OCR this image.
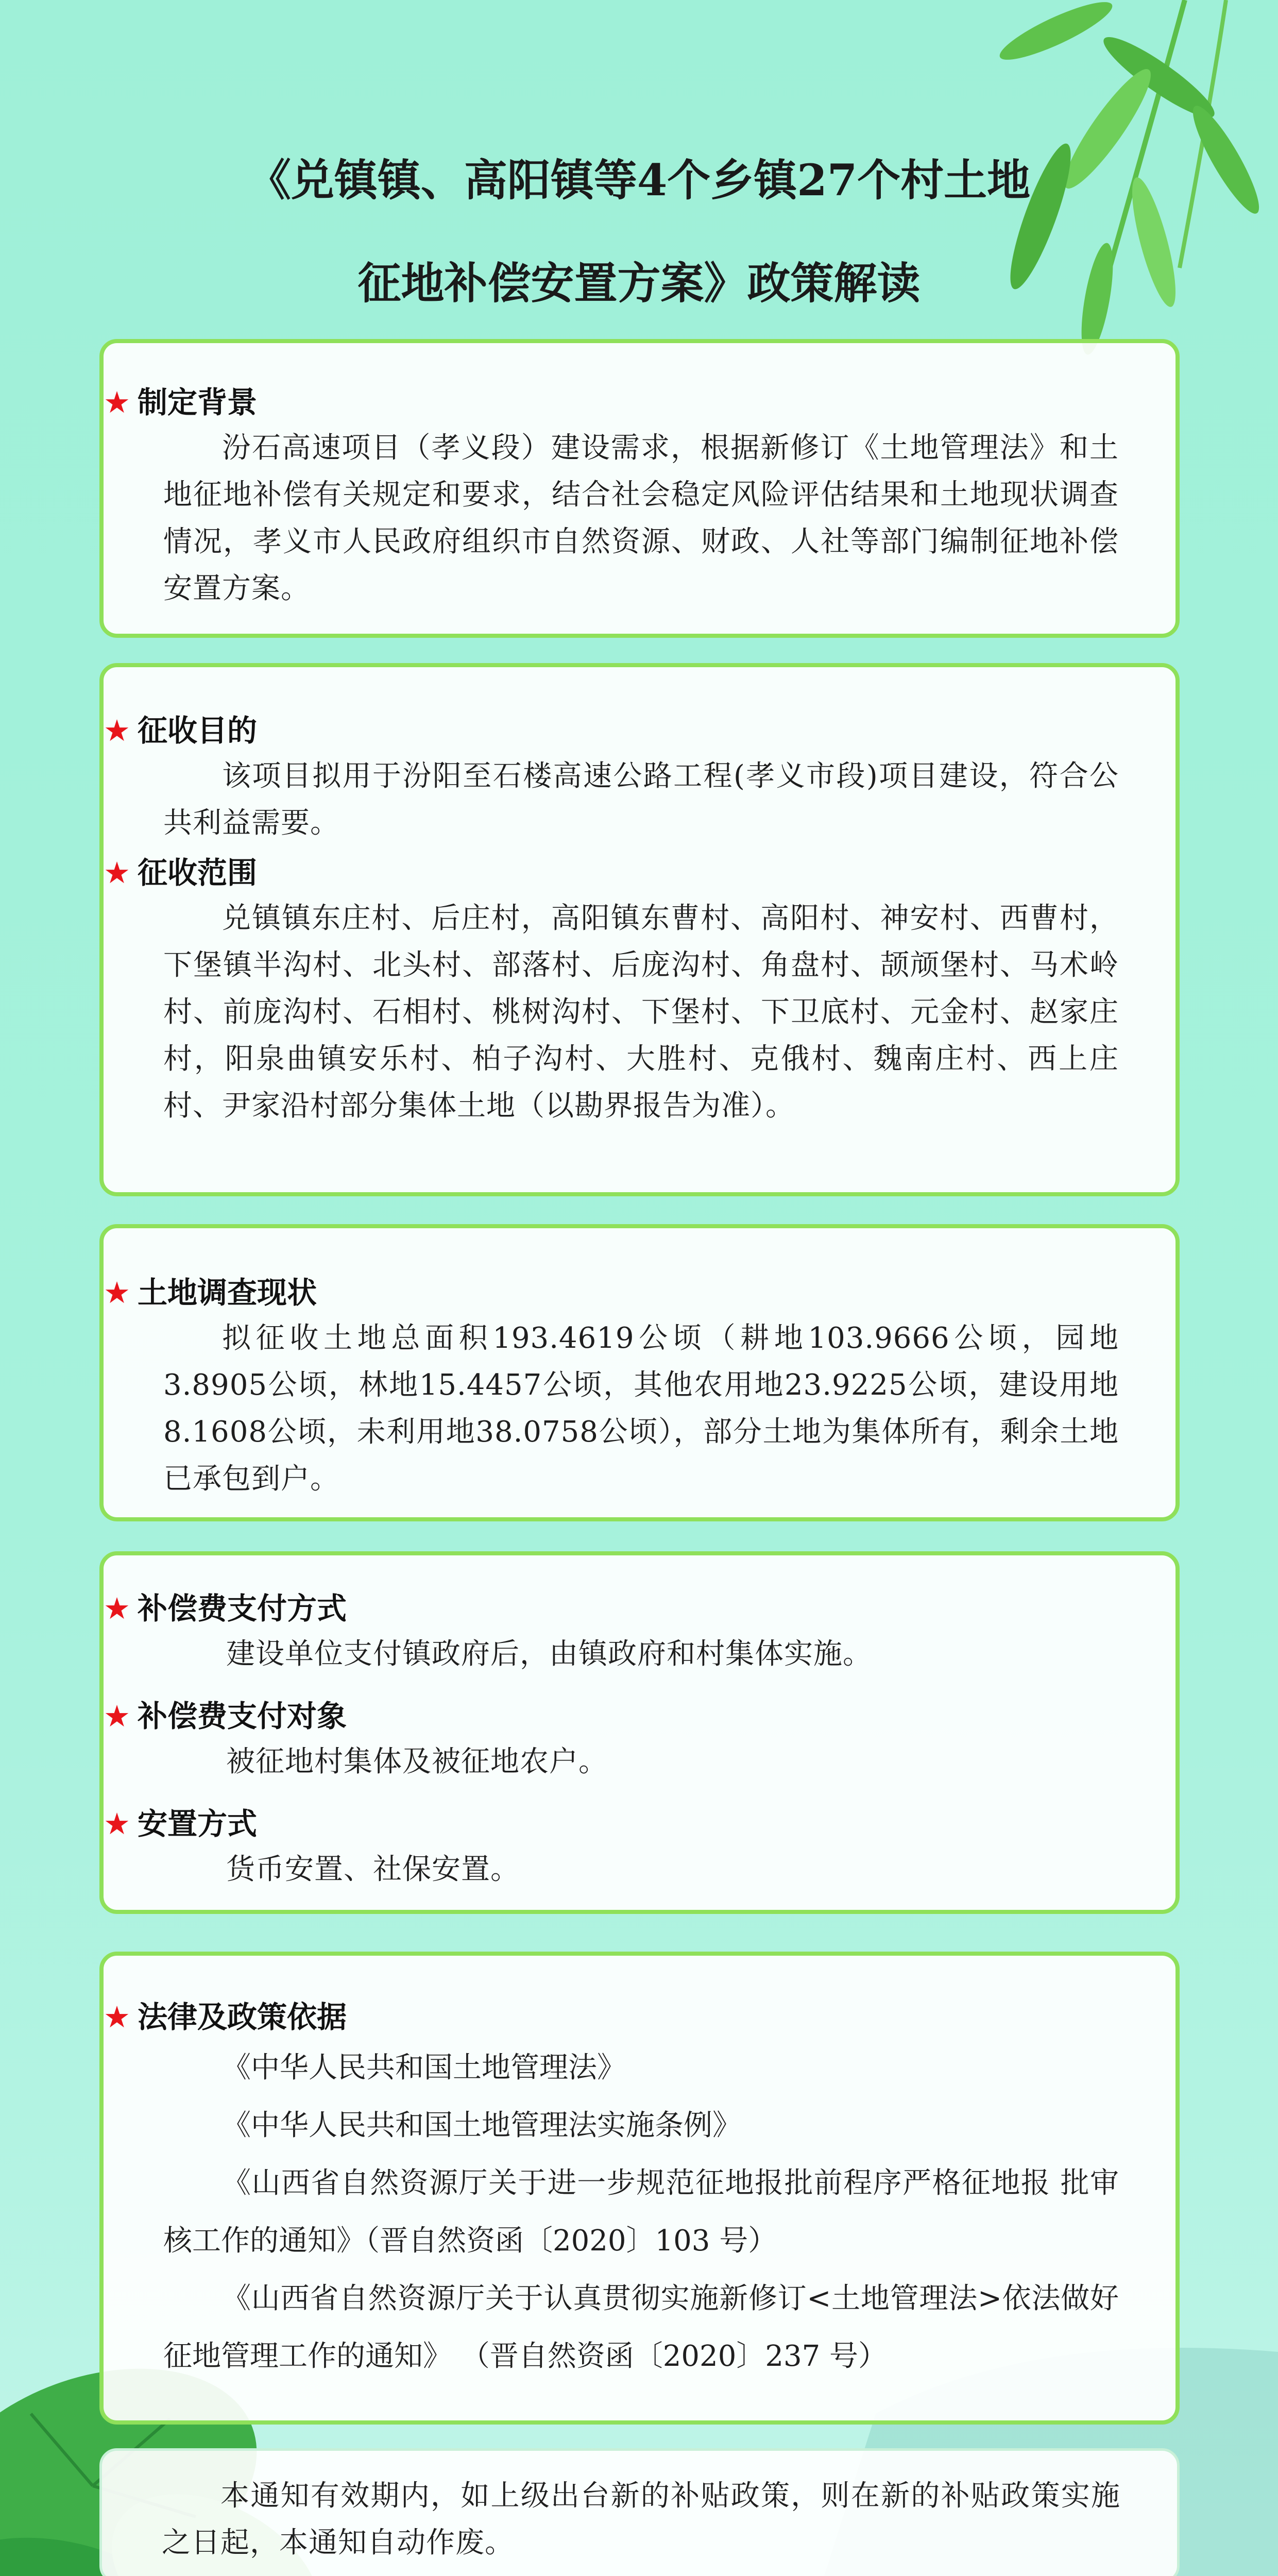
《兑镇镇、高阳镇等4个乡镇27个村土地
征地补偿安置方案》政策解读

★ 制定背景

汾石高速项目（孝义段）建设需求，根据新修订《土地管理法》和土地征地补偿有关规定和要求，结合社会稳定风险评估结果和土地现状调查情况，孝义市人民政府组织市自然资源、财政、人社等部门编制征地补偿安置方案。

★ 征收目的

该项目拟用于汾阳至石楼高速公路工程(孝义市段)项目建设，符合公共利益需要。

★ 征收范围

兑镇镇东庄村、后庄村，高阳镇东曹村、高阳村、神安村、西曹村，下堡镇半沟村、北头村、部落村、后庞沟村、角盘村、颉颃堡村、马术岭村、前庞沟村、石相村、桃树沟村、下堡村、下卫底村、元金村、赵家庄村，阳泉曲镇安乐村、柏子沟村、大胜村、克俄村、魏南庄村、西上庄村、尹家沿村部分集体土地（以勘界报告为准）。

★ 土地调查现状

拟征收土地总面积193.4619公顷（耕地103.9666公顷，园地3.8905公顷，林地15.4457公顷，其他农用地23.9225公顷，建设用地8.1608公顷，未利用地38.0758公顷），部分土地为集体所有，剩余土地已承包到户。

★ 补偿费支付方式

建设单位支付镇政府后，由镇政府和村集体实施。

★ 补偿费支付对象

被征地村集体及被征地农户。

★ 安置方式

货币安置、社保安置。

★ 法律及政策依据

《中华人民共和国土地管理法》

《中华人民共和国土地管理法实施条例》

《山西省自然资源厅关于进一步规范征地报批前程序严格征地报 批审核工作的通知》（晋自然资函〔2020〕103 号）

《山西省自然资源厅关于认真贯彻实施新修订<土地管理法>依法做好征地管理工作的通知》 （晋自然资函〔2020〕237 号）

本通知有效期内，如上级出台新的补贴政策，则在新的补贴政策实施之日起，本通知自动作废。
